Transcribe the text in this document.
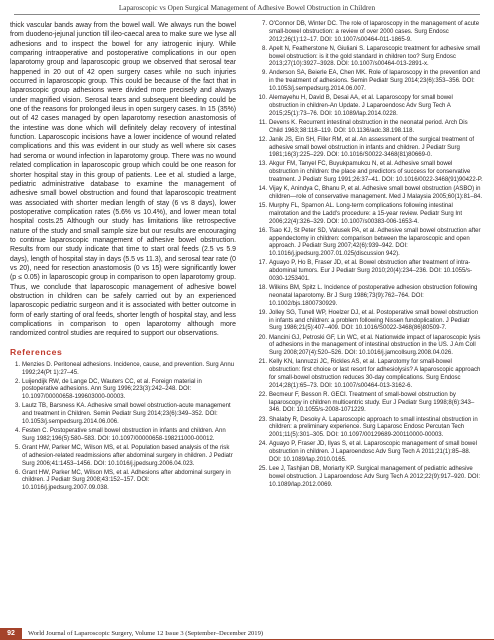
Laparoscopic vs Open Surgical Management of Adhesive Bowel Obstruction in Children

thick vascular bands away from the bowel wall. We always run the bowel from duodeno-jejunal junction till ileo-caecal area to make sure we lyse all adhesions and to inspect the bowel for any iatrogenic injury. While comparing intraoperative and postoperative complications in our open laparotomy group and laparoscopic group we observed that serosal tear happened in 20 out of 42 open surgery cases while no such injuries occurred in laparoscopic group. This could be because of the fact that in laparoscopic group adhesions were divided more precisely and always under magnified vision. Serosal tears and subsequent bleeding could be one of the reasons for prolonged ileus in open surgery cases. In 15 (35%) out of 42 cases managed by open laparotomy resection anastomosis of the intestine was done which will definitely delay recovery of intestinal function. Laparoscopic incisions have a lower incidence of wound related complications and this was evident in our study as well where six cases had seroma or wound infection in laparotomy group. There was no wound related complication in laparoscopic group which could be one reason for shorter hospital stay in this group of patients. Lee et al. studied a large, pediatric administrative database to examine the management of adhesive small bowel obstruction and found that laparoscopic treatment was associated with shorter median length of stay (6 vs 8 days), lower postoperative complication rates (5.6% vs 10.4%), and lower mean total hospital costs.25 Although our study has limitations like retrospective nature of the study and small sample size but our results are encouraging to continue laparoscopic management of adhesive bowel obstruction. Results from our study indicate that time to start oral feeds (2.5 vs 5.9 days), length of hospital stay in days (5.5 vs 11.3), and serosal tear rate (0 vs 20), need for resection anastomosis (0 vs 15) were significantly lower (p ≤ 0.05) in laparoscopic group in comparison to open laparotomy group. Thus, we conclude that laparoscopic management of adhesive bowel obstruction in children can be safely carried out by an experienced laparoscopic pediatric surgeon and it is associated with better outcome in form of early starting of oral feeds, shorter length of hospital stay, and less complications in comparison to open laparotomy although more randomized control studies are required to support our observations.

References
1. Menzies D. Peritoneal adhesions. Incidence, cause, and prevention. Surg Annu 1992;24(Pt 1):27–45.
2. Luijendijk RW, de Lange DC, Wauters CC, et al. Foreign material in postoperative adhesions. Ann Surg 1996;223(3):242–248. DOI: 10.1097/00000658-199603000-00003.
3. Lautz TB, Barsness KA. Adhesive small bowel obstruction-acute management and treatment in Children. Semin Pediatr Surg 2014;23(6):349–352. DOI: 10.1053/j.sempedsurg.2014.06.006.
4. Festen C. Postoperative small bowel obstruction in infants and children. Ann Surg 1982;196(5):580–583. DOI: 10.1097/00000658-198211000-00012.
5. Grant HW, Parker MC, Wilson MS, et al. Population based analysis of the risk of adhesion-related readmissions after abdominal surgery in children. J Pediatr Surg 2006;41:1453–1456. DOI: 10.1016/j.jpedsurg.2006.04.023.
6. Grant HW, Parker MC, Wilson MS, et al. Adhesions after abdominal surgery in children. J Pediatr Surg 2008;43:152–157. DOI: 10.1016/j.jpedsurg.2007.09.038.
7. O'Connor DB, Winter DC. The role of laparoscopy in the management of acute small-bowel obstruction: a review of over 2000 cases. Surg Endosc 2012;26(1):12–17. DOI: 10.1007/s00464-011-1865-9.
8. Apelt N, Featherstone N, Giuliani S. Laparoscopic treatment for adhesive small bowel obstruction: is it the gold standard in children too? Surg Endosc 2013;27(10):3927–3928. DOI: 10.1007/s00464-013-2891-x.
9. Anderson SA, Beierle EA, Chen MK. Role of laparoscopy in the prevention and in the treatment of adhesions. Semin Pediatr Surg 2014;23(6):353–356. DOI: 10.1053/j.sempedsurg.2014.06.007.
10. Alemayehu H, David B, Desai AA, et al. Laparoscopy for small bowel obstruction in children-An Update. J Laparoendosc Adv Surg Tech A 2015;25(1):73–76. DOI: 10.1089/lap.2014.0228.
11. Devens K. Recurrent intestinal obstruction in the neonatal period. Arch Dis Child 1963;38:118–119. DOI: 10.1136/adc.38.198.118.
12. Janik JS, Ein SH, Filler RM, et al. An assessment of the surgical treatment of adhesive small bowel obstruction in infants and children. J Pediatr Surg 1981;16(3):225–229. DOI: 10.1016/S0022-3468(81)80669-0.
13. Akgur FM, Tanyel FC, Buyukpamukcu N, et al. Adhesive small bowel obstruction in children: the place and predictors of success for conservative treatment. J Pediatr Surg 1991;26:37–41. DOI: 10.1016/0022-3468(91)90422-P.
14. Vijay K, Anindya C, Bhanu P, et al. Adhesive small bowel obstruction (ASBO) in children—role of conservative management. Med J Malaysia 2005;60(1):81–84.
15. Murphy FL, Sparnon AL. Long-term complications following intestinal malrotation and the Ladd's procedure: a 15-year review. Pediatr Surg Int 2006;22(4):326–329. DOI: 10.1007/s00383-006-1653-4.
16. Tsao KJ, St Peter SD, Valusek PA, et al. Adhesive small bowel obstruction after appendectomy in children: comparison between the laparoscopic and open approach. J Pediatr Surg 2007;42(6):939–942. DOI: 10.1016/j.jpedsurg.2007.01.025(discussion 942).
17. Aguayo P, Ho B, Fraser JD, et al. Bowel obstruction after treatment of intra-abdominal tumors. Eur J Pediatr Surg 2010;20(4):234–236. DOI: 10.1055/s-0030-1253401.
18. Wilkins BM, Spitz L. Incidence of postoperative adhesion obstruction following neonatal laparotomy. Br J Surg 1986;73(9):762–764. DOI: 10.1002/bjs.1800730929.
19. Jolley SG, Tunell WP, Hoelzer DJ, et al. Postoperative small bowel obstruction in infants and children: a problem following Nissen fundoplication. J Pediatr Surg 1986;21(5):407–409. DOI: 10.1016/S0022-3468(86)80509-7.
20. Mancini GJ, Petroski GF, Lin WC, et al. Nationwide impact of laparoscopic lysis of adhesions in the management of intestinal obstruction in the US. J Am Coll Surg 2008;207(4):520–526. DOI: 10.1016/j.jamcollsurg.2008.04.026.
21. Kelly KN, Iannuzzi JC, Rickles AS, et al. Laparotomy for small-bowel obstruction: first choice or last resort for adhesiolysis? A laparoscopic approach for small-bowel obstruction reduces 30-day complications. Surg Endosc 2014;28(1):65–73. DOI: 10.1007/s00464-013-3162-6.
22. Becmeur F, Besson R. GECI. Treatment of small-bowel obstruction by laparoscopy in children multicentric study. Eur J Pediatr Surg 1998;8(6):343–346. DOI: 10.1055/s-2008-1071229.
23. Shalaby R, Desoky A. Laparoscopic approach to small intestinal obstruction in children: a preliminary experience. Surg Laparosc Endosc Percutan Tech 2001;11(5):301–305. DOI: 10.1097/00129689-200110000-00003.
24. Aguayo P, Fraser JD, Ilyas S, et al. Laparoscopic management of small bowel obstruction in children. J Laparoendosc Adv Surg Tech A 2011;21(1):85–88. DOI: 10.1089/lap.2010.0165.
25. Lee J, Tashjian DB, Moriarty KP. Surgical management of pediatric adhesive bowel obstruction. J Laparoendosc Adv Surg Tech A 2012;22(9):917–920. DOI: 10.1089/lap.2012.0069.
92	World Journal of Laparoscopic Surgery, Volume 12 Issue 3 (September–December 2019)
